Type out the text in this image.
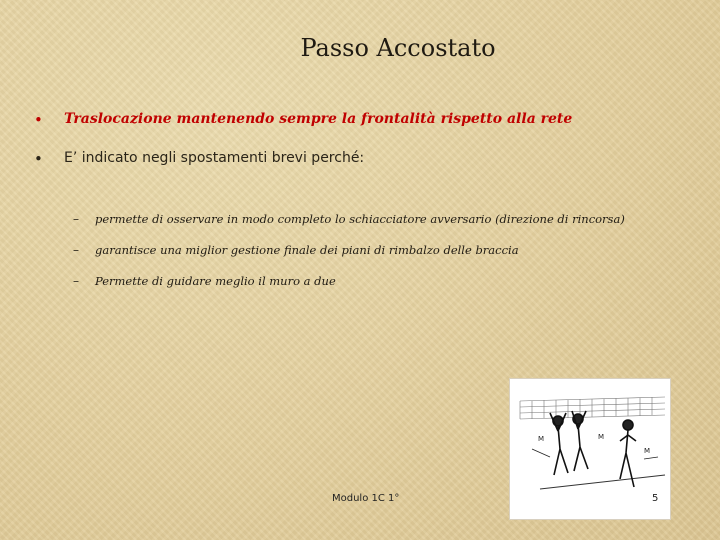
Passo Accostato
• Traslocazione mantenendo sempre la frontalità rispetto alla rete
• E’ indicato negli spostamenti brevi perché:
– permette di osservare in modo completo lo schiacciatore avversario (direzione di rincorsa)
– garantisce una miglior gestione finale dei piani di rimbalzo delle braccia
– Permette di guidare meglio il muro a due
M	M
M
Modulo 1C 1°	5
